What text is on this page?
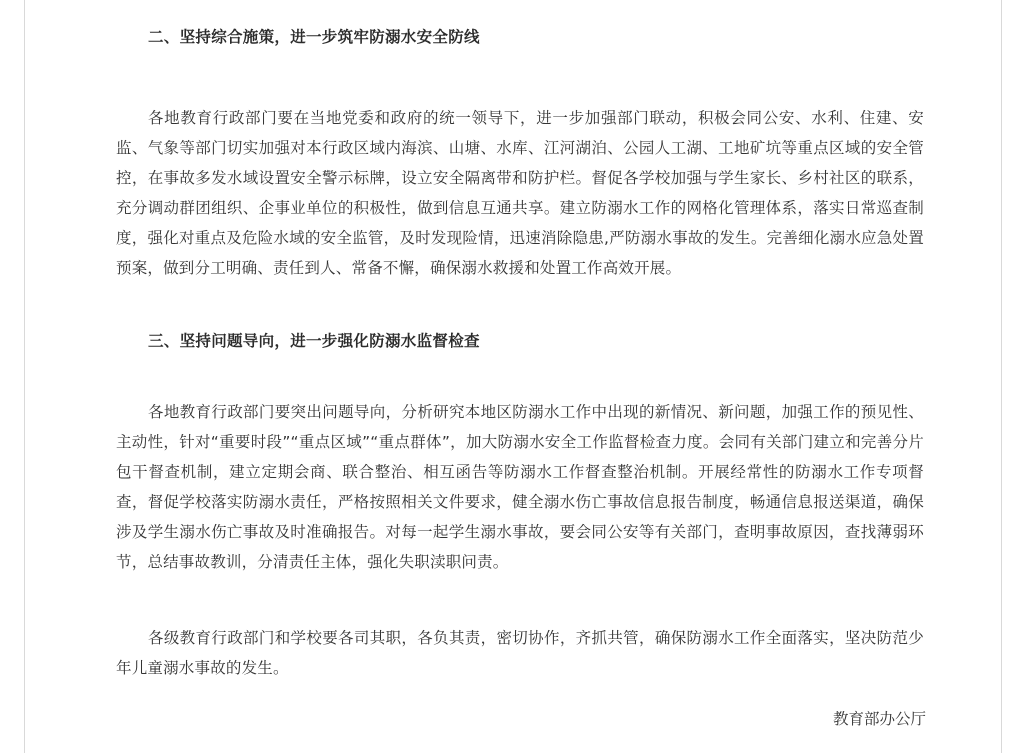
二、坚持综合施策，进一步筑牢防溺水安全防线

各地教育行政部门要在当地党委和政府的统一领导下，进一步加强部门联动，积极会同公安、水利、住建、安监、气象等部门切实加强对本行政区域内海滨、山塘、水库、江河湖泊、公园人工湖、工地矿坑等重点区域的安全管控，在事故多发水域设置安全警示标牌，设立安全隔离带和防护栏。督促各学校加强与学生家长、乡村社区的联系，充分调动群团组织、企事业单位的积极性，做到信息互通共享。建立防溺水工作的网格化管理体系，落实日常巡查制度，强化对重点及危险水域的安全监管，及时发现险情，迅速消除隐患,严防溺水事故的发生。完善细化溺水应急处置预案，做到分工明确、责任到人、常备不懈，确保溺水救援和处置工作高效开展。

三、坚持问题导向，进一步强化防溺水监督检查

各地教育行政部门要突出问题导向，分析研究本地区防溺水工作中出现的新情况、新问题，加强工作的预见性、主动性，针对“重要时段”“重点区域”“重点群体”，加大防溺水安全工作监督检查力度。会同有关部门建立和完善分片包干督查机制，建立定期会商、联合整治、相互函告等防溺水工作督查整治机制。开展经常性的防溺水工作专项督查，督促学校落实防溺水责任，严格按照相关文件要求，健全溺水伤亡事故信息报告制度，畅通信息报送渠道，确保涉及学生溺水伤亡事故及时准确报告。对每一起学生溺水事故，要会同公安等有关部门，查明事故原因，查找薄弱环节，总结事故教训，分清责任主体，强化失职渎职问责。

各级教育行政部门和学校要各司其职，各负其责，密切协作，齐抓共管，确保防溺水工作全面落实，坚决防范少年儿童溺水事故的发生。

教育部办公厅
